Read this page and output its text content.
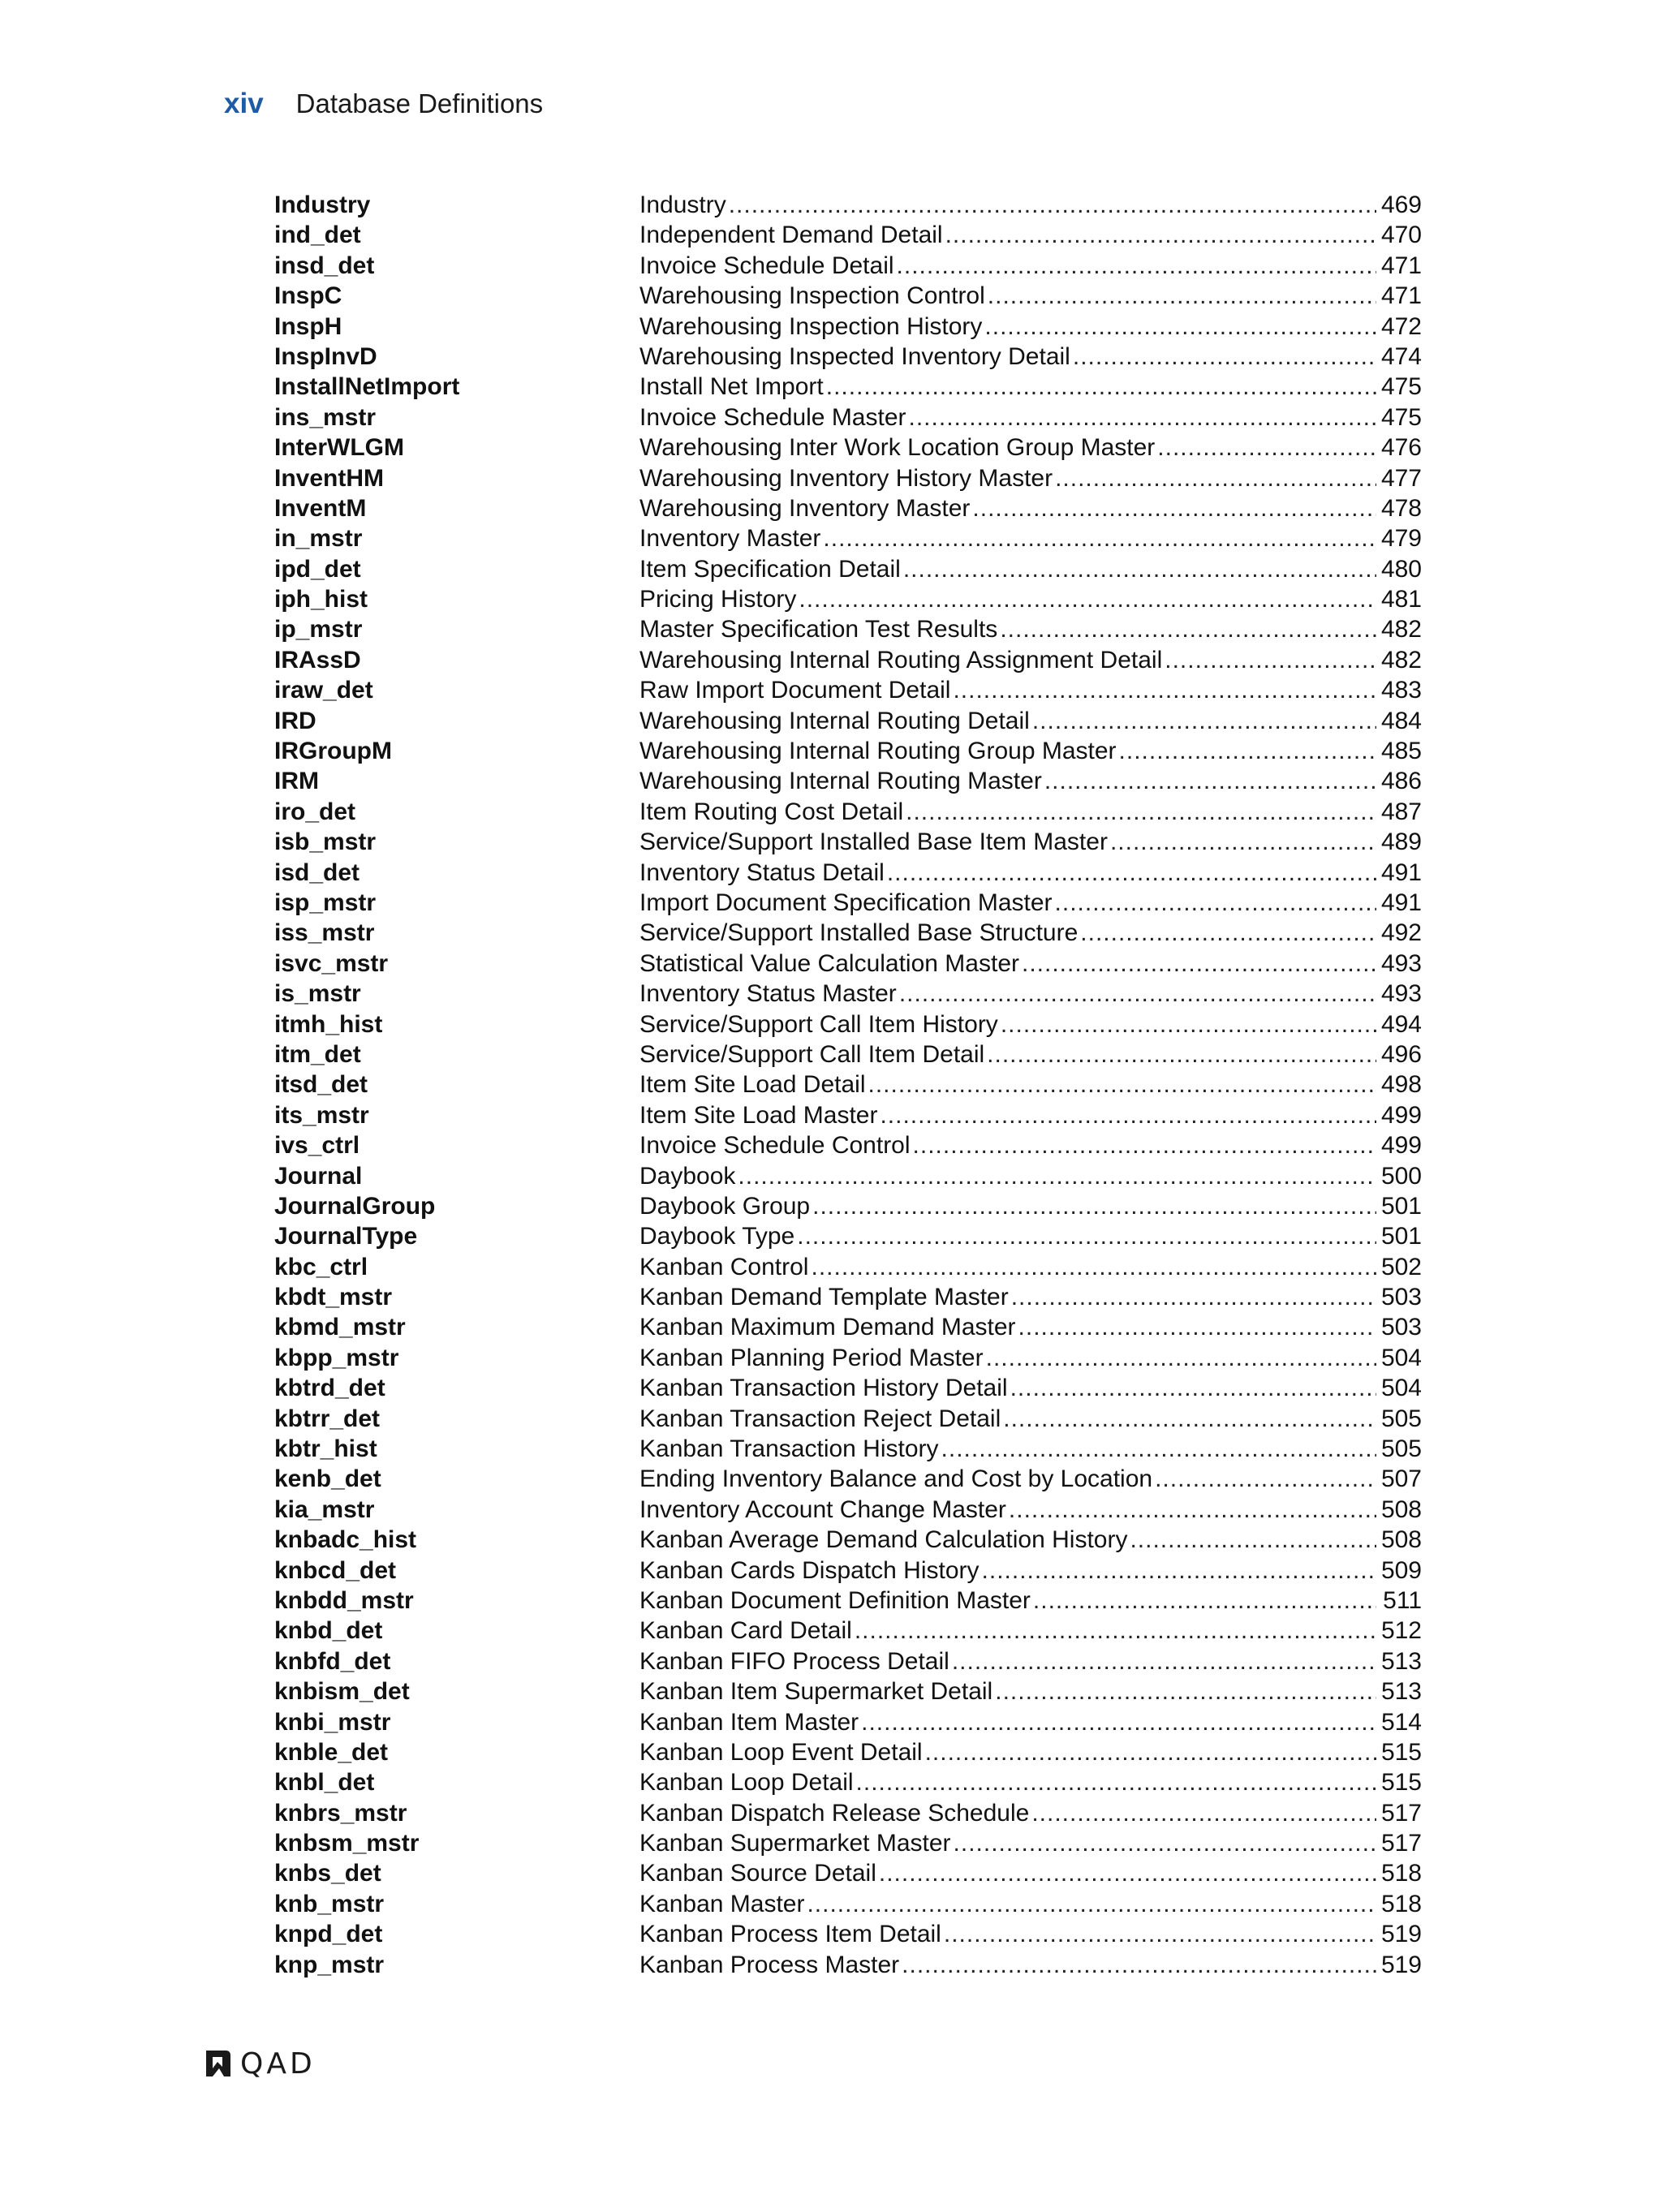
xiv Database Definitions
Industry	Industry .....	469
ind_det	Independent Demand Detail .....	470
insd_det	Invoice Schedule Detail .....	471
InspC	Warehousing Inspection Control .....	471
InspH	Warehousing Inspection History .....	472
InspInvD	Warehousing Inspected Inventory Detail .....	474
InstallNetImport	Install Net Import .....	475
ins_mstr	Invoice Schedule Master .....	475
InterWLGM	Warehousing Inter Work Location Group Master .....	476
InventHM	Warehousing Inventory History Master .....	477
InventM	Warehousing Inventory Master .....	478
in_mstr	Inventory Master .....	479
ipd_det	Item Specification Detail .....	480
iph_hist	Pricing History .....	481
ip_mstr	Master Specification Test Results .....	482
IRAssD	Warehousing Internal Routing Assignment Detail .....	482
iraw_det	Raw Import Document Detail .....	483
IRD	Warehousing Internal Routing Detail .....	484
IRGroupM	Warehousing Internal Routing Group Master .....	485
IRM	Warehousing Internal Routing Master .....	486
iro_det	Item Routing Cost Detail .....	487
isb_mstr	Service/Support Installed Base Item Master .....	489
isd_det	Inventory Status Detail .....	491
isp_mstr	Import Document Specification Master .....	491
iss_mstr	Service/Support Installed Base Structure .....	492
isvc_mstr	Statistical Value Calculation Master .....	493
is_mstr	Inventory Status Master .....	493
itmh_hist	Service/Support Call Item History .....	494
itm_det	Service/Support Call Item Detail .....	496
itsd_det	Item Site Load Detail .....	498
its_mstr	Item Site Load Master .....	499
ivs_ctrl	Invoice Schedule Control .....	499
Journal	Daybook .....	500
JournalGroup	Daybook Group .....	501
JournalType	Daybook Type .....	501
kbc_ctrl	Kanban Control .....	502
kbdt_mstr	Kanban Demand Template Master .....	503
kbmd_mstr	Kanban Maximum Demand Master .....	503
kbpp_mstr	Kanban Planning Period Master .....	504
kbtrd_det	Kanban Transaction History Detail .....	504
kbtrr_det	Kanban Transaction Reject Detail .....	505
kbtr_hist	Kanban Transaction History .....	505
kenb_det	Ending Inventory Balance and Cost by Location .....	507
kia_mstr	Inventory Account Change Master .....	508
knbadc_hist	Kanban Average Demand Calculation History .....	508
knbcd_det	Kanban Cards Dispatch History .....	509
knbdd_mstr	Kanban Document Definition Master .....	511
knbd_det	Kanban Card Detail .....	512
knbfd_det	Kanban FIFO Process Detail .....	513
knbism_det	Kanban Item Supermarket Detail .....	513
knbi_mstr	Kanban Item Master .....	514
knble_det	Kanban Loop Event Detail .....	515
knbl_det	Kanban Loop Detail .....	515
knbrs_mstr	Kanban Dispatch Release Schedule .....	517
knbsm_mstr	Kanban Supermarket Master .....	517
knbs_det	Kanban Source Detail .....	518
knb_mstr	Kanban Master .....	518
knpd_det	Kanban Process Item Detail .....	519
knp_mstr	Kanban Process Master .....	519
QAD
